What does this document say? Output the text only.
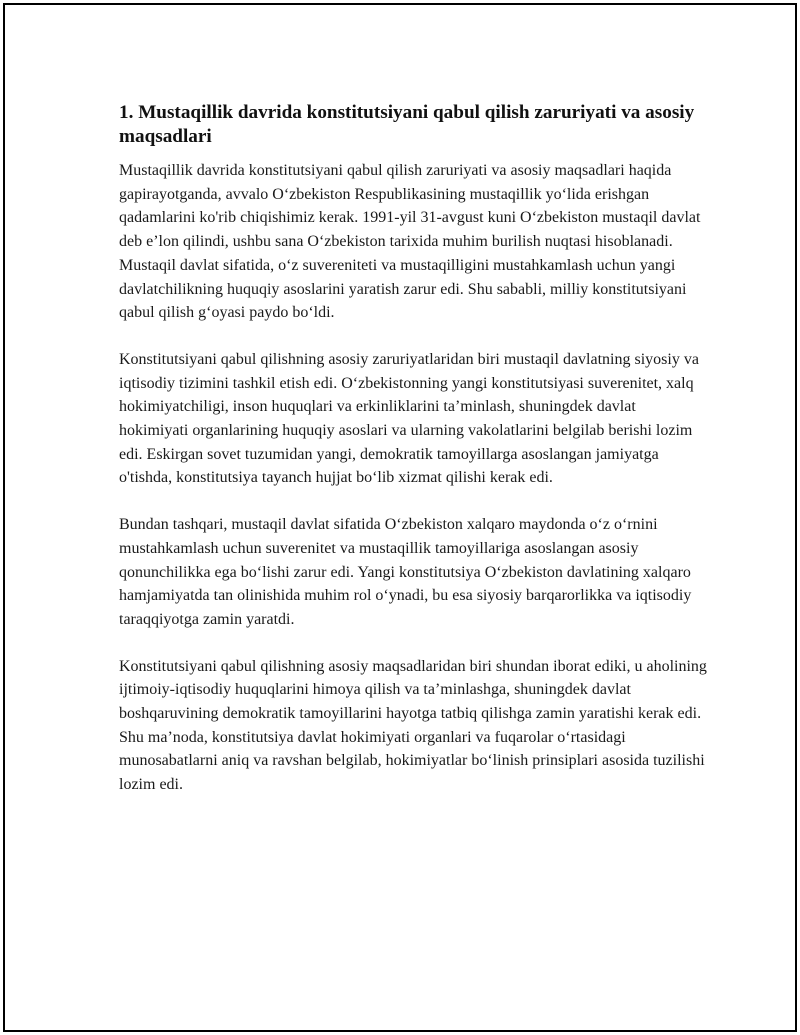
1. Mustaqillik davrida konstitutsiyani qabul qilish zaruriyati va asosiy maqsadlari

Mustaqillik davrida konstitutsiyani qabul qilish zaruriyati va asosiy maqsadlari haqida gapirayotganda, avvalo O‘zbekiston Respublikasining mustaqillik yo‘lida erishgan qadamlarini ko'rib chiqishimiz kerak. 1991-yil 31-avgust kuni O‘zbekiston mustaqil davlat deb e’lon qilindi, ushbu sana O‘zbekiston tarixida muhim burilish nuqtasi hisoblanadi. Mustaqil davlat sifatida, o‘z suvereniteti va mustaqilligini mustahkamlash uchun yangi davlatchilikning huquqiy asoslarini yaratish zarur edi. Shu sababli, milliy konstitutsiyani qabul qilish g‘oyasi paydo bo‘ldi.

Konstitutsiyani qabul qilishning asosiy zaruriyatlaridan biri mustaqil davlatning siyosiy va iqtisodiy tizimini tashkil etish edi. O‘zbekistonning yangi konstitutsiyasi suverenitet, xalq hokimiyatchiligi, inson huquqlari va erkinliklarini ta’minlash, shuningdek davlat hokimiyati organlarining huquqiy asoslari va ularning vakolatlarini belgilab berishi lozim edi. Eskirgan sovet tuzumidan yangi, demokratik tamoyillarga asoslangan jamiyatga o'tishda, konstitutsiya tayanch hujjat bo‘lib xizmat qilishi kerak edi.

Bundan tashqari, mustaqil davlat sifatida O‘zbekiston xalqaro maydonda o‘z o‘rnini mustahkamlash uchun suverenitet va mustaqillik tamoyillariga asoslangan asosiy qonunchilikka ega bo‘lishi zarur edi. Yangi konstitutsiya O‘zbekiston davlatining xalqaro hamjamiyatda tan olinishida muhim rol o‘ynadi, bu esa siyosiy barqarorlikka va iqtisodiy taraqqiyotga zamin yaratdi.

Konstitutsiyani qabul qilishning asosiy maqsadlaridan biri shundan iborat ediki, u aholining ijtimoiy-iqtisodiy huquqlarini himoya qilish va ta’minlashga, shuningdek davlat boshqaruvining demokratik tamoyillarini hayotga tatbiq qilishga zamin yaratishi kerak edi. Shu ma’noda, konstitutsiya davlat hokimiyati organlari va fuqarolar o‘rtasidagi munosabatlarni aniq va ravshan belgilab, hokimiyatlar bo‘linish prinsiplari asosida tuzilishi lozim edi.
